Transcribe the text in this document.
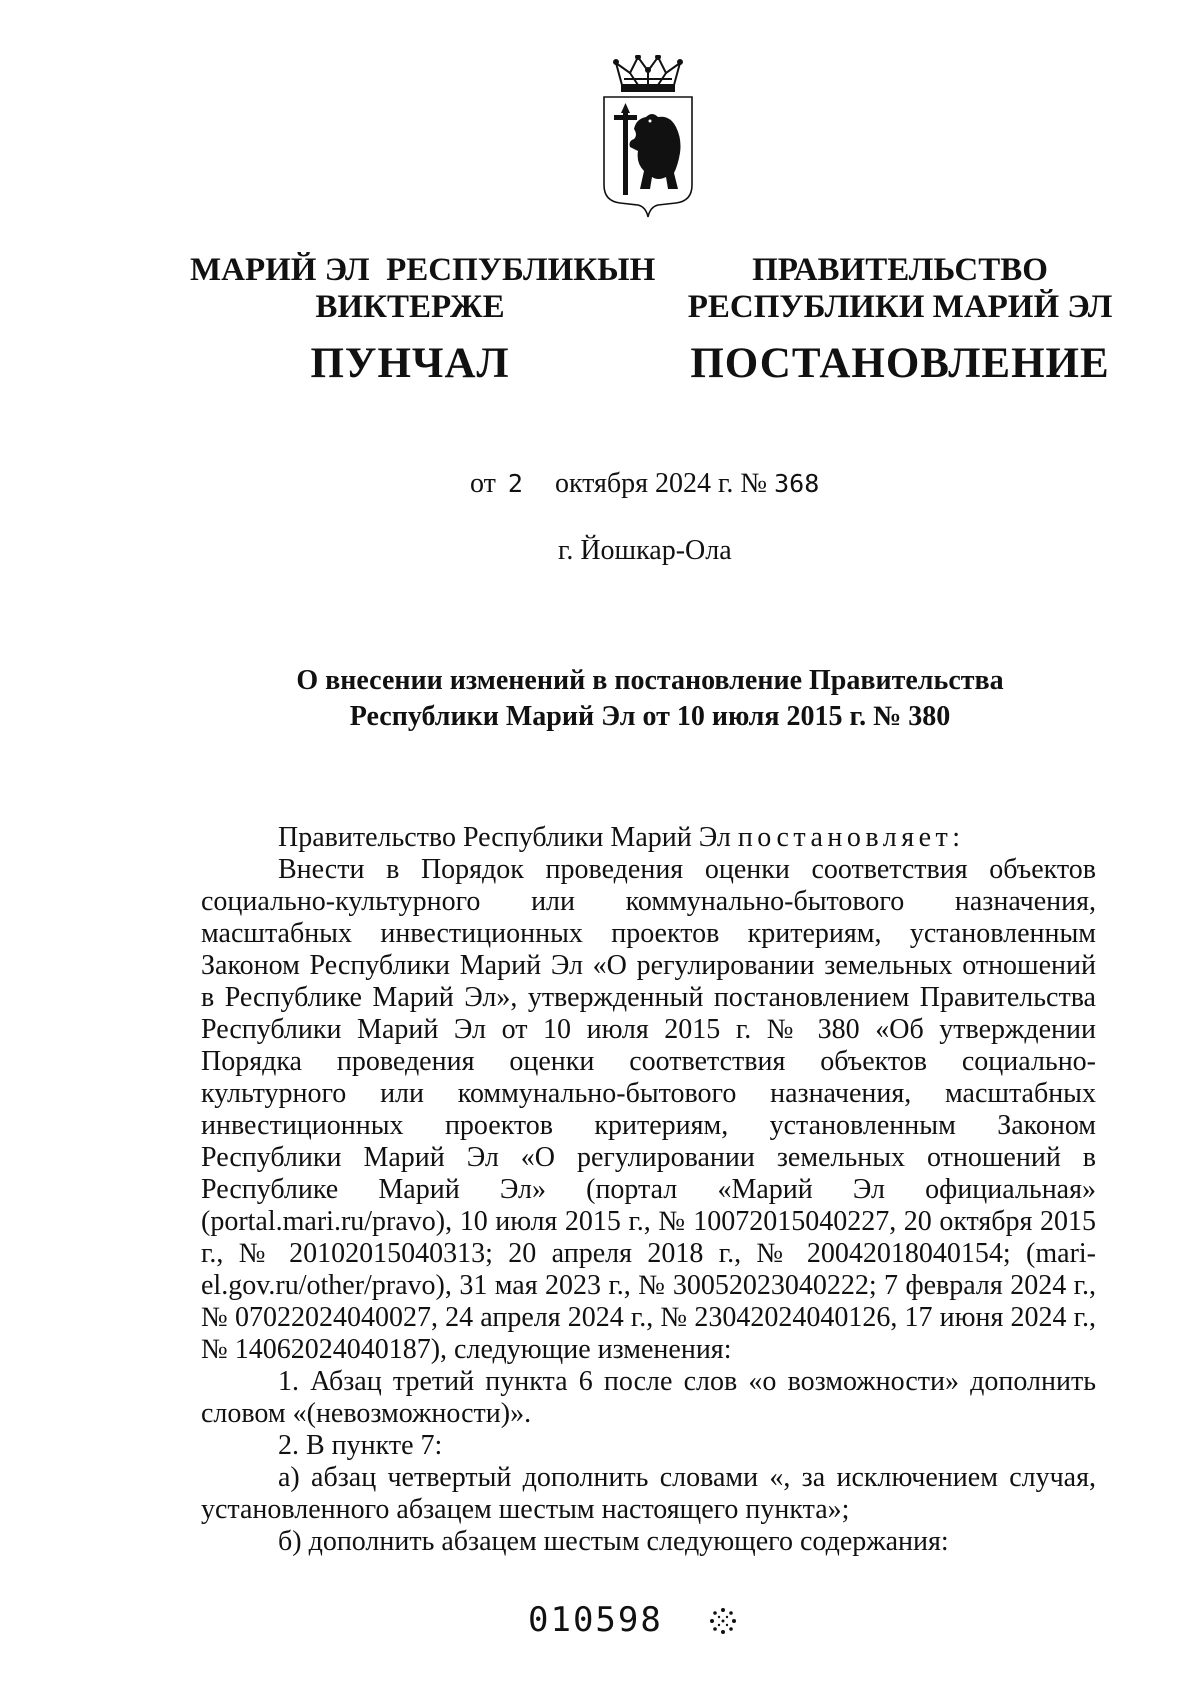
МАРИЙ ЭЛ  РЕСПУБЛИКЫН
ВИКТЕРЖЕ
ПУНЧАЛ
ПРАВИТЕЛЬСТВО
РЕСПУБЛИКИ МАРИЙ ЭЛ
ПОСТАНОВЛЕНИЕ
от 2 октября 2024 г. № 368
г. Йошкар-Ола
О внесении изменений в постановление Правительства
Республики Марий Эл от 10 июля 2015 г. № 380

Правительство Республики Марий Эл постановляет:

Внести в Порядок проведения оценки соответствия объектов социально-культурного или коммунально-бытового назначения, масштабных инвестиционных проектов критериям, установленным Законом Республики Марий Эл «О регулировании земельных отношений в Республике Марий Эл», утвержденный постановлением Правительства Республики Марий Эл от 10 июля 2015 г. № 380 «Об утверждении Порядка проведения оценки соответствия объектов социально-культурного или коммунально-бытового назначения, масштабных инвестиционных проектов критериям, установленным Законом Республики Марий Эл «О регулировании земельных отношений в Республике Марий Эл» (портал «Марий Эл официальная» (portal.mari.ru/pravo), 10 июля 2015 г., № 10072015040227, 20 октября 2015 г., № 20102015040313; 20 апреля 2018 г., № 20042018040154; (mari-el.gov.ru/other/pravo), 31 мая 2023 г., № 30052023040222; 7 февраля 2024 г., № 07022024040027, 24 апреля 2024 г., № 23042024040126, 17 июня 2024 г., № 14062024040187), следующие изменения:

1. Абзац третий пункта 6 после слов «о возможности» дополнить словом «(невозможности)».

2. В пункте 7:

а) абзац четвертый дополнить словами «, за исключением случая, установленного абзацем шестым настоящего пункта»;

б) дополнить абзацем шестым следующего содержания:

010598
